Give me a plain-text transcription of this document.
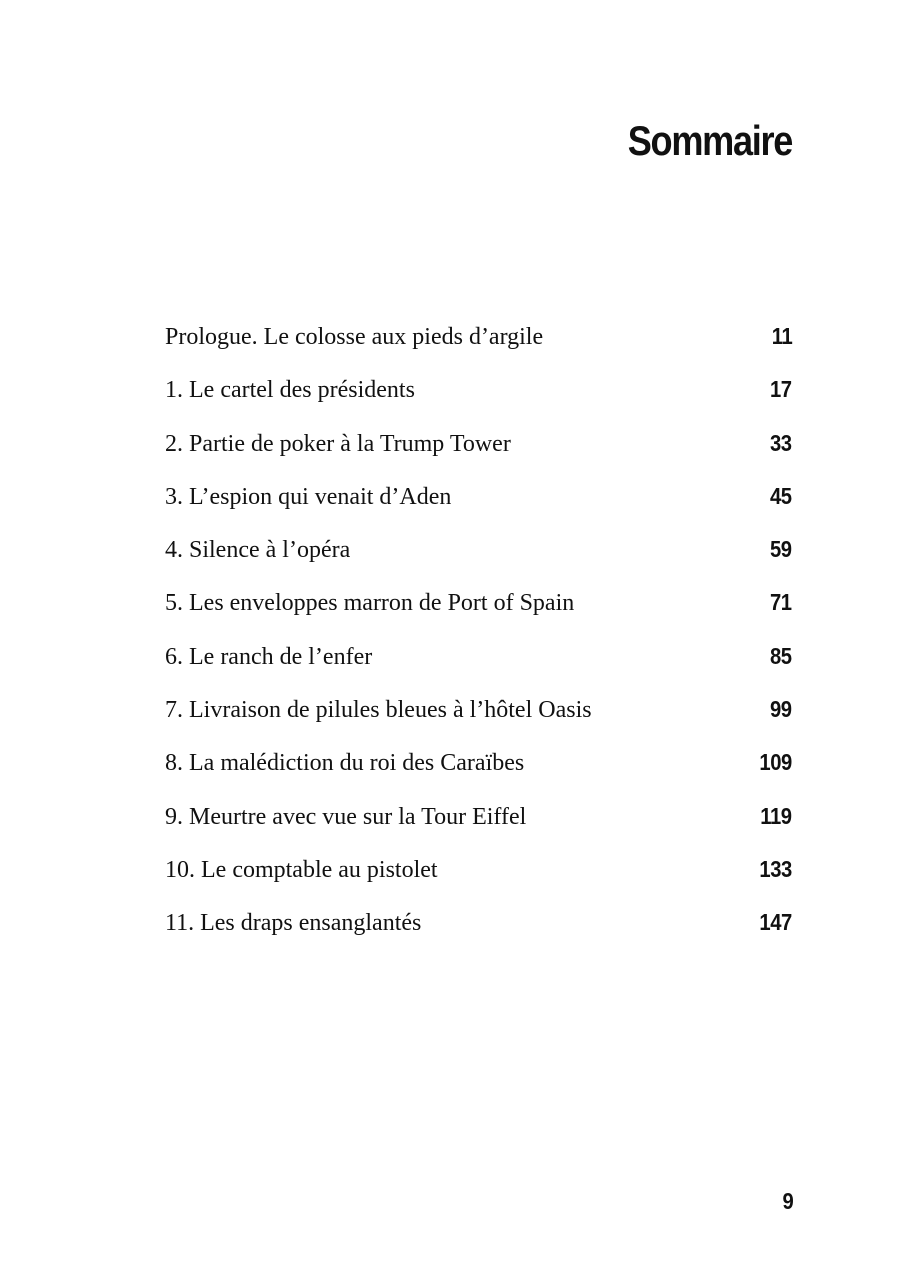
Sommaire
Prologue. Le colosse aux pieds d’argile	11
1. Le cartel des présidents	17
2. Partie de poker à la Trump Tower	33
3. L’espion qui venait d’Aden	45
4. Silence à l’opéra	59
5. Les enveloppes marron de Port of Spain	71
6. Le ranch de l’enfer	85
7. Livraison de pilules bleues à l’hôtel Oasis	99
8. La malédiction du roi des Caraïbes	109
9. Meurtre avec vue sur la Tour Eiffel	119
10. Le comptable au pistolet	133
11. Les draps ensanglantés	147
9
